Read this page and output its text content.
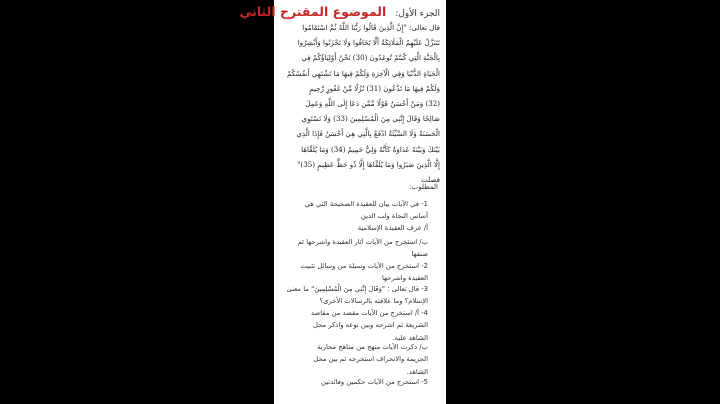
الجزء الأول: الموضوع المقترح الثاني
قال تعالى: "إِنَّ الَّذِينَ قَالُوا رَبُّنَا اللَّهُ ثُمَّ اسْتَقَامُوا
تَتَنَزَّلُ عَلَيْهِمُ الْمَلَائِكَةُ أَلَّا تَخَافُوا وَلَا تَحْزَنُوا وَأَبْشِرُوا
بِالْجَنَّةِ الَّتِي كُنتُمْ تُوعَدُونَ (30) نَحْنُ أَوْلِيَاؤُكُمْ فِي
الْحَيَاةِ الدُّنْيَا وَفِي الْآخِرَةِ وَلَكُمْ فِيهَا مَا تَشْتَهِي أَنفُسُكُمْ
وَلَكُمْ فِيهَا مَا تَدَّعُونَ (31) نُزُلًا مِّنْ غَفُورٍ رَّحِيمٍ
(32) وَمَنْ أَحْسَنُ قَوْلًا مِّمَّن دَعَا إِلَى اللَّهِ وَعَمِلَ
صَالِحًا وَقَالَ إِنَّنِي مِنَ الْمُسْلِمِينَ (33) وَلَا تَسْتَوِي
الْحَسَنَةُ وَلَا السَّيِّئَةُ ادْفَعْ بِالَّتِي هِيَ أَحْسَنُ فَإِذَا الَّذِي
بَيْنَكَ وَبَيْنَهُ عَدَاوَةٌ كَأَنَّهُ وَلِيٌّ حَمِيمٌ (34) وَمَا يُلَقَّاهَا
إِلَّا الَّذِينَ صَبَرُوا وَمَا يُلَقَّاهَا إِلَّا ذُو حَظٍّ عَظِيمٍ (35)"
فصلت
المطلوب:
1- في الآيات بيان للعقيدة الصحيحة التي هي
أساس النجاة ولب الدين
أ/ عرف العقيدة الإسلامية
ب/ استخرج من الآيات آثار العقيدة واشرحها ثم
صنفها
2- استخرج من الآيات وسيلة من وسائل تثبيت
العقيدة واشرحها
3- قال تعالى : "وَقَالَ إِنَّنِي مِنَ الْمُسْلِمِينَ" ما معنى
الإسلام؟ وما علاقته بالرسالات الأخرى؟
4- أ/ استخرج من الآيات مقصد من مقاصد
الشريعة ثم اشرحه وبين نوعه واذكر محل
الشاهد عليه.
ب/ ذكرت الآيات منهج من مناهج محاربة
الجريمة والانحراف استخرجه ثم بين محل
الشاهد.
5- استخرج من الآيات حكمين وفائدتين
